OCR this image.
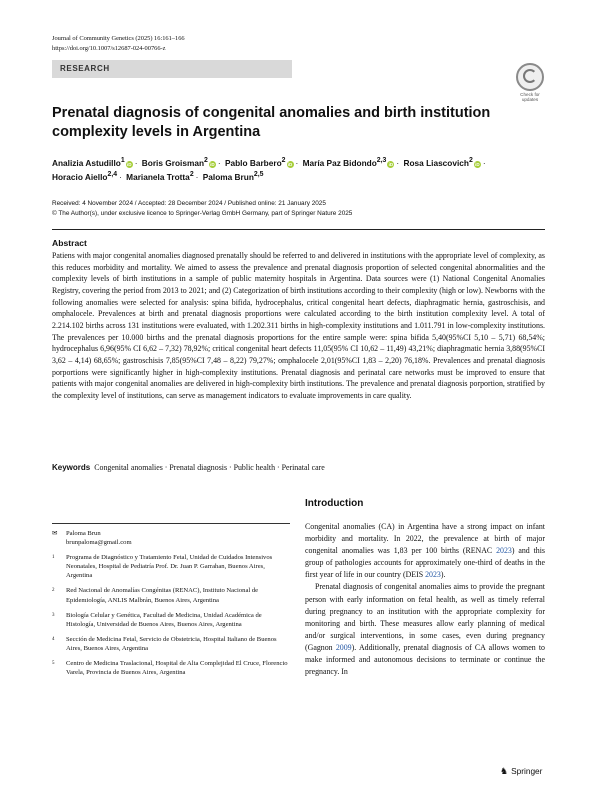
Journal of Community Genetics (2025) 16:161–166
https://doi.org/10.1007/s12687-024-00766-z
RESEARCH
Check for
updates
Prenatal diagnosis of congenital anomalies and birth institution complexity levels in Argentina
Analizia Astudillo$^1$iD · Boris Groisman$^2$iD · Pablo Barbero$^2$iD · María Paz Bidondo$^{2,3}$iD · Rosa Liascovich$^2$iD ·
Horacio Aiello$^{2,4}$ · Marianela Trotta$^2$ · Paloma Brun$^{2,5}$
Received: 4 November 2024 / Accepted: 28 December 2024 / Published online: 21 January 2025
© The Author(s), under exclusive licence to Springer-Verlag GmbH Germany, part of Springer Nature 2025
Abstract
Patiens with major congenital anomalies diagnosed prenatally should be referred to and delivered in institutions with the appropriate level of complexity, as this reduces morbidity and mortality. We aimed to assess the prevalence and prenatal diagnosis proportion of selected congenital abnormalities and the complexity levels of birth institutions in a sample of public maternity hospitals in Argentina. Data sources were (1) National Congenital Anomalies Registry, covering the period from 2013 to 2021; and (2) Categorization of birth institutions according to their complexity (high or low). Newborns with the following anomalies were selected for analysis: spina bifida, hydrocephalus, critical congenital heart defects, diaphragmatic hernia, gastroschisis, and omphalocele. Prevalences at birth and prenatal diagnosis proportions were calculated according to the birth institution complexity level. A total of 2.214.102 births across 131 institutions were evaluated, with 1.202.311 births in high-complexity institutions and 1.011.791 in low-complexity institutions. The prevalences per 10.000 births and the prenatal diagnosis proportions for the entire sample were: spina bifida 5,40(95%CI 5,10 – 5,71) 68,54%; hydrocephalus 6,96(95% CI 6,62 – 7,32) 78,92%; critical congenital heart defects 11,05(95% CI 10,62 – 11,49) 43,21%; diaphragmatic hernia 3,88(95%CI 3,62 – 4,14) 68,65%; gastroschisis 7,85(95%CI 7,48 – 8,22) 79,27%; omphalocele 2,01(95%CI 1,83 – 2,20) 76,18%. Prevalences and prenatal diagnosis porportions were significantly higher in high-complexity institutions. Prenatal diagnosis and perinatal care networks must be improved to ensure that patients with major congenital anomalies are delivered in high-complexity birth institutions. The prevalence and prenatal diagnosis porportion, stratified by the complexity level of institutions, can serve as management indicators to evaluate improvements in care quality.
Keywords Congenital anomalies · Prenatal diagnosis · Public health · Perinatal care
✉	Paloma Brun
brunpaloma@gmail.com
1	Programa de Diagnóstico y Tratamiento Fetal, Unidad de Cuidados Intensivos Neonatales, Hospital de Pediatría Prof. Dr. Juan P. Garrahan, Buenos Aires, Argentina
2	Red Nacional de Anomalías Congénitas (RENAC), Instituto Nacional de Epidemiología, ANLIS Malbrán, Buenos Aires, Argentina
3	Biología Celular y Genética, Facultad de Medicina, Unidad Académica de Histología, Universidad de Buenos Aires, Buenos Aires, Argentina
4	Sección de Medicina Fetal, Servicio de Obstetricia, Hospital Italiano de Buenos Aires, Buenos Aires, Argentina
5	Centro de Medicina Traslacional, Hospital de Alta Complejidad El Cruce, Florencio Varela, Provincia de Buenos Aires, Argentina
Introduction

Congenital anomalies (CA) in Argentina have a strong impact on infant morbidity and mortality. In 2022, the prevalence at birth of major congenital anomalies was 1,83 per 100 births (RENAC 2023) and this group of pathologies accounts for approximately one-third of deaths in the first year of life in our country (DEIS 2023).

Prenatal diagnosis of congenital anomalies aims to provide the pregnant person with early information on fetal health, as well as timely referral during pregnancy to an institution with the appropriate complexity for monitoring and birth. These measures allow early planning of medical and/or surgical interventions, in some cases, even during pregnancy (Gagnon 2009). Additionally, prenatal diagnosis of CA allows women to make informed and autonomous decisions to terminate or continue the pregnancy. In

♞ Springer
